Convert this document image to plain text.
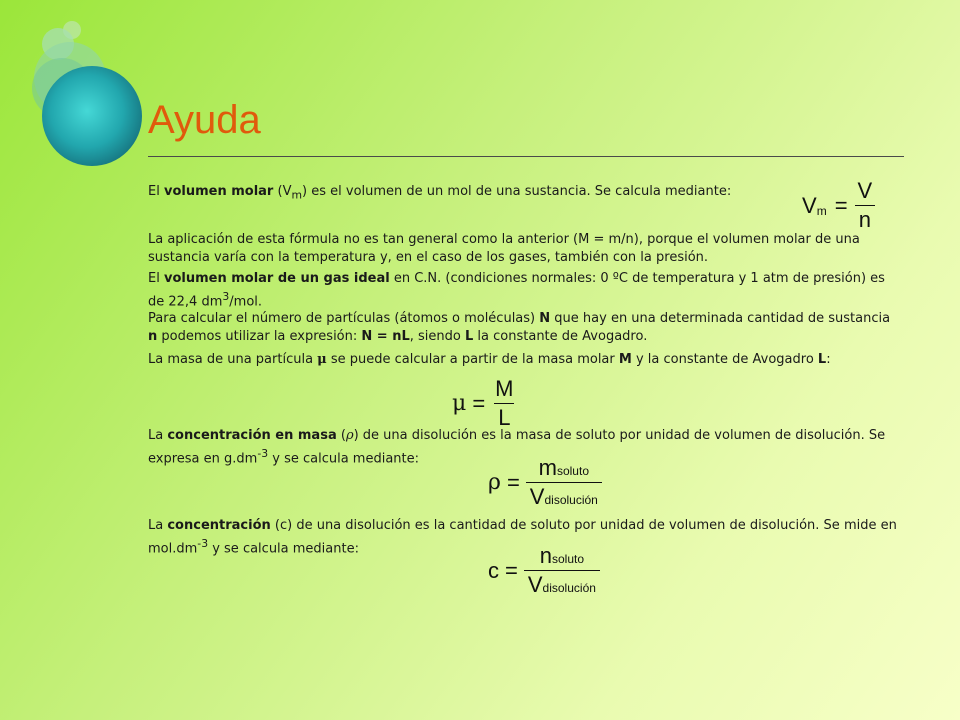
Ayuda

El volumen molar $(V_m)$ es el volumen de un mol de una sustancia. Se calcula mediante:

V $m = \frac{V}{n}$

La aplicación de esta fórmula no es tan general como la anterior (M = m/n), porque el volumen molar de una sustancia varía con la temperatura y, en el caso de los gases, también con la presión.

El volumen molar de un gas ideal en C.N. (condiciones normales: 0 ºC de temperatura y 1 atm de presión) es de 22,4 $dm^3$/mol.

Para calcular el número de partículas (átomos o moléculas) N que hay en una determinada cantidad de sustancia n podemos utilizar la expresión: N = nL, siendo L la constante de Avogadro.

La masa de una partícula μ se puede calcular a partir de la masa molar M y la constante de Avogadro L:

$\mu = \frac{M}{L}$

La concentración en masa (ρ) de una disolución es la masa de soluto por unidad de volumen de disolución. Se expresa en $g.dm^{-3}$ y se calcula mediante:

$\rho = \frac{\text{msoluto}}{\text{Vdisolución}}$

La concentración (c) de una disolución es la cantidad de soluto por unidad de volumen de disolución. Se mide en $mol.dm^{-3}$ y se calcula mediante:

$c = \frac{\text{nsoluto}}{\text{Vdisolución}}$
